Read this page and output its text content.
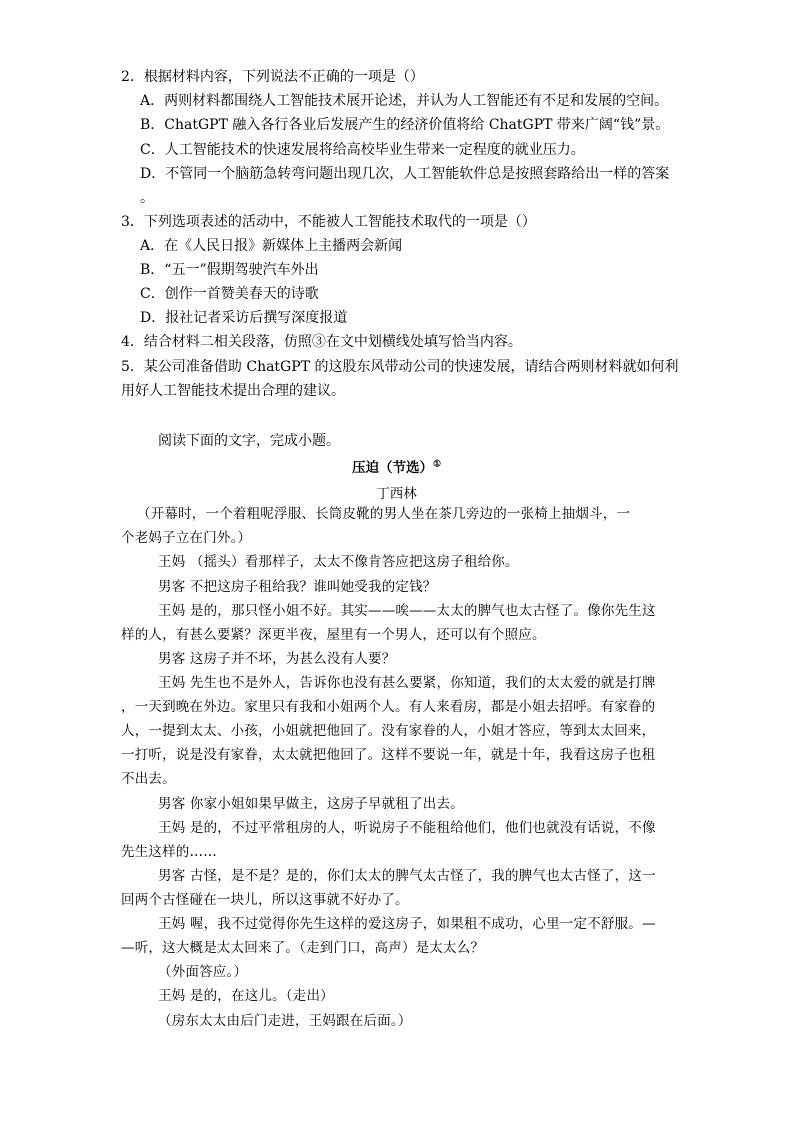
2．根据材料内容，下列说法不正确的一项是（）
A．两则材料都围绕人工智能技术展开论述，并认为人工智能还有不足和发展的空间。
B．ChatGPT 融入各行各业后发展产生的经济价值将给 ChatGPT 带来广阔“钱”景。
C．人工智能技术的快速发展将给高校毕业生带来一定程度的就业压力。
D．不管同一个脑筋急转弯问题出现几次，人工智能软件总是按照套路给出一样的答案
。
3．下列选项表述的活动中，不能被人工智能技术取代的一项是（）
A．在《人民日报》新媒体上主播两会新闻
B．“五一”假期驾驶汽车外出
C．创作一首赞美春天的诗歌
D．报社记者采访后撰写深度报道
4．结合材料二相关段落，仿照③在文中划横线处填写恰当内容。
5．某公司准备借助 ChatGPT 的这股东风带动公司的快速发展，请结合两则材料就如何利
用好人工智能技术提出合理的建议。
阅读下面的文字，完成小题。
压迫（节选）①
丁西林
（开幕时，一个着粗呢浮服、长筒皮靴的男人坐在茶几旁边的一张椅上抽烟斗，一
个老妈子立在门外。）
王妈 （摇头）看那样子，太太不像肯答应把这房子租给你。
男客 不把这房子租给我？谁叫她受我的定钱？
王妈 是的，那只怪小姐不好。其实——唉——太太的脾气也太古怪了。像你先生这
样的人，有甚么要紧？深更半夜，屋里有一个男人，还可以有个照应。
男客 这房子并不坏，为甚么没有人要？
王妈 先生也不是外人，告诉你也没有甚么要紧，你知道，我们的太太爱的就是打牌
，一天到晚在外边。家里只有我和小姐两个人。有人来看房，都是小姐去招呼。有家眷的
人，一提到太太、小孩，小姐就把他回了。没有家眷的人，小姐才答应，等到太太回来，
一打听，说是没有家眷，太太就把他回了。这样不要说一年，就是十年，我看这房子也租
不出去。
男客 你家小姐如果早做主，这房子早就租了出去。
王妈 是的，不过平常租房的人，听说房子不能租给他们，他们也就没有话说，不像
先生这样的……
男客 古怪，是不是？是的，你们太太的脾气太古怪了，我的脾气也太古怪了，这一
回两个古怪碰在一块儿，所以这事就不好办了。
王妈 喔，我不过觉得你先生这样的爱这房子，如果租不成功，心里一定不舒服。—
—听，这大概是太太回来了。（走到门口，高声）是太太么？
（外面答应。）
王妈 是的，在这儿。（走出）
（房东太太由后门走进，王妈跟在后面。）
